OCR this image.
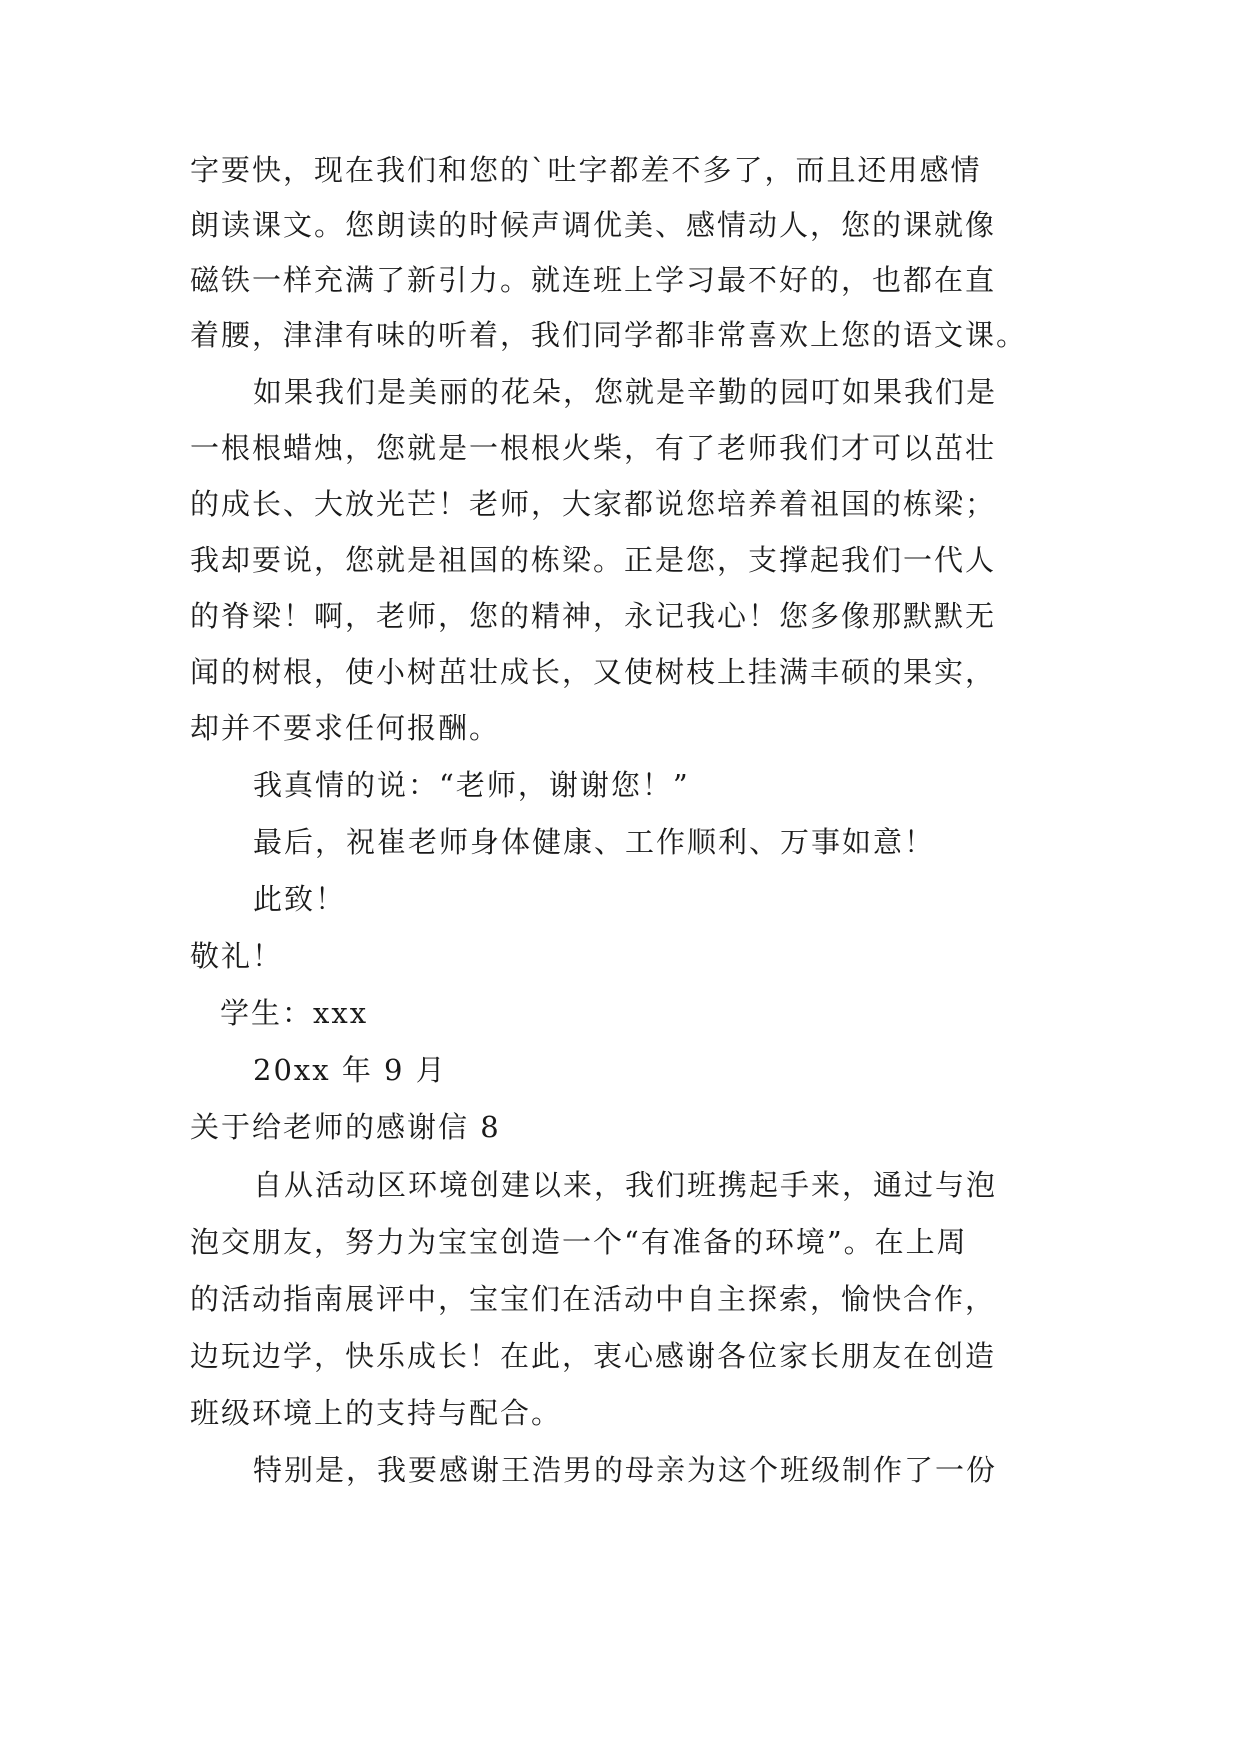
字要快，现在我们和您的`吐字都差不多了，而且还用感情
朗读课文。您朗读的时候声调优美、感情动人，您的课就像
磁铁一样充满了新引力。就连班上学习最不好的，也都在直
着腰，津津有味的听着，我们同学都非常喜欢上您的语文课。
如果我们是美丽的花朵，您就是辛勤的园叮如果我们是
一根根蜡烛，您就是一根根火柴，有了老师我们才可以茁壮
的成长、大放光芒！老师，大家都说您培养着祖国的栋梁；
我却要说，您就是祖国的栋梁。正是您，支撑起我们一代人
的脊梁！啊，老师，您的精神，永记我心！您多像那默默无
闻的树根，使小树茁壮成长，又使树枝上挂满丰硕的果实，
却并不要求任何报酬。
我真情的说：“老师，谢谢您！”
最后，祝崔老师身体健康、工作顺利、万事如意！
此致！
敬礼！
学生：xxx
20xx 年 9 月
关于给老师的感谢信 8
自从活动区环境创建以来，我们班携起手来，通过与泡
泡交朋友，努力为宝宝创造一个“有准备的环境”。在上周
的活动指南展评中，宝宝们在活动中自主探索，愉快合作，
边玩边学，快乐成长！在此，衷心感谢各位家长朋友在创造
班级环境上的支持与配合。
特别是，我要感谢王浩男的母亲为这个班级制作了一份
